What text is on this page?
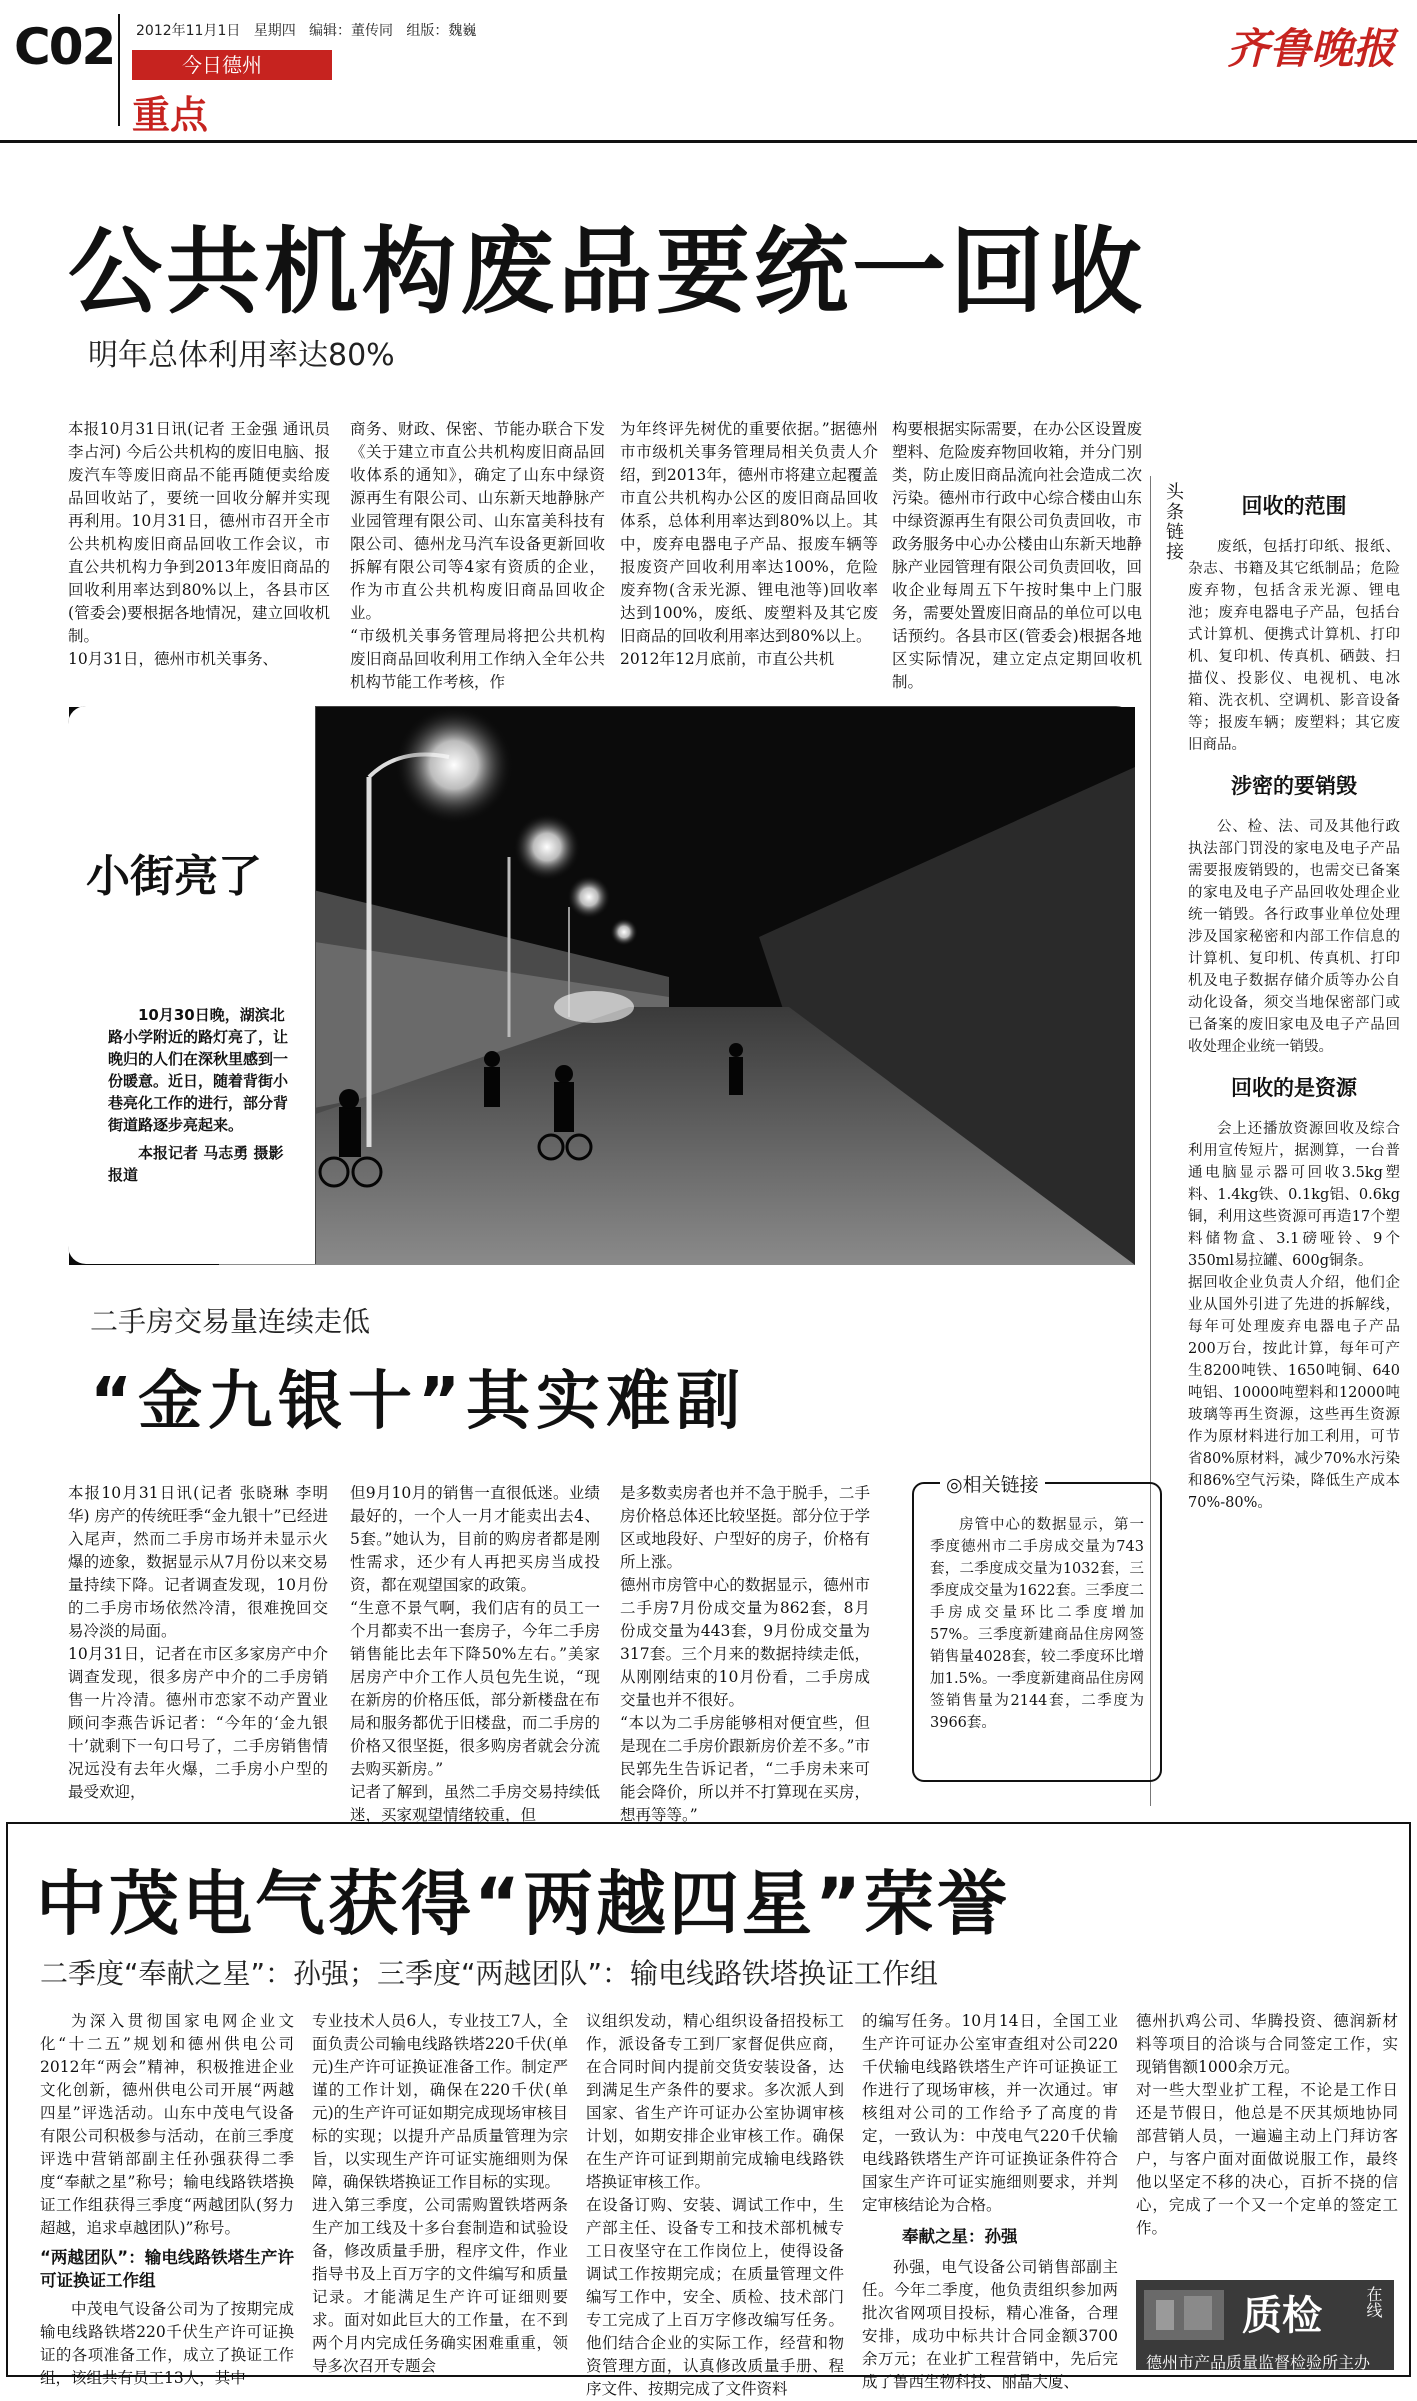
C02 2012年11月1日   星期四   编辑：董传同   组版：魏巍
今日德州
重点
齐鲁晚报
公共机构废品要统一回收
明年总体利用率达80%
本报10月31日讯(记者 王金强 通讯员 李占河) 今后公共机构的废旧电脑、报废汽车等废旧商品不能再随便卖给废品回收站了，要统一回收分解并实现再利用。10月31日，德州市召开全市公共机构废旧商品回收工作会议，市直公共机构力争到2013年废旧商品的回收利用率达到80%以上，各县市区(管委会)要根据各地情况，建立回收机制。
10月31日，德州市机关事务、
商务、财政、保密、节能办联合下发《关于建立市直公共机构废旧商品回收体系的通知》，确定了山东中绿资源再生有限公司、山东新天地静脉产业园管理有限公司、山东富美科技有限公司、德州龙马汽车设备更新回收拆解有限公司等4家有资质的企业，作为市直公共机构废旧商品回收企业。
“市级机关事务管理局将把公共机构废旧商品回收利用工作纳入全年公共机构节能工作考核，作
为年终评先树优的重要依据。”据德州市市级机关事务管理局相关负责人介绍，到2013年，德州市将建立起覆盖市直公共机构办公区的废旧商品回收体系，总体利用率达到80%以上。其中，废弃电器电子产品、报废车辆等报废资产回收利用率达100%，危险废弃物(含汞光源、锂电池等)回收率达到100%，废纸、废塑料及其它废旧商品的回收利用率达到80%以上。
2012年12月底前，市直公共机
构要根据实际需要，在办公区设置废塑料、危险废弃物回收箱，并分门别类，防止废旧商品流向社会造成二次污染。德州市行政中心综合楼由山东中绿资源再生有限公司负责回收，市政务服务中心办公楼由山东新天地静脉产业园管理有限公司负责回收，回收企业每周五下午按时集中上门服务，需要处置废旧商品的单位可以电话预约。各县市区(管委会)根据各地区实际情况，建立定点定期回收机制。
小街亮了
10月30日晚，湖滨北路小学附近的路灯亮了，让晚归的人们在深秋里感到一份暖意。近日，随着背街小巷亮化工作的进行，部分背街道路逐步亮起来。
本报记者 马志勇 摄影报道
头条链接	回收的范围
废纸，包括打印纸、报纸、杂志、书籍及其它纸制品；危险废弃物，包括含汞光源、锂电池；废弃电器电子产品，包括台式计算机、便携式计算机、打印机、复印机、传真机、硒鼓、扫描仪、投影仪、电视机、电冰箱、洗衣机、空调机、影音设备等；报废车辆；废塑料；其它废旧商品。
涉密的要销毁
公、检、法、司及其他行政执法部门罚没的家电及电子产品需要报废销毁的，也需交已备案的家电及电子产品回收处理企业统一销毁。各行政事业单位处理涉及国家秘密和内部工作信息的计算机、复印机、传真机、打印机及电子数据存储介质等办公自动化设备，须交当地保密部门或已备案的废旧家电及电子产品回收处理企业统一销毁。
回收的是资源
会上还播放资源回收及综合利用宣传短片，据测算，一台普通电脑显示器可回收3.5kg塑料、1.4kg铁、0.1kg铝、0.6kg铜，利用这些资源可再造17个塑料储物盒、3.1磅哑铃、9个350ml易拉罐、600g铜条。
据回收企业负责人介绍，他们企业从国外引进了先进的拆解线，每年可处理废弃电器电子产品200万台，按此计算，每年可产生8200吨铁、1650吨铜、640吨铝、10000吨塑料和12000吨玻璃等再生资源，这些再生资源作为原材料进行加工利用，可节省80%原材料，减少70%水污染和86%空气污染，降低生产成本70%-80%。
二手房交易量连续走低
“金九银十”其实难副
本报10月31日讯(记者 张晓琳 李明华) 房产的传统旺季“金九银十”已经进入尾声，然而二手房市场并未显示火爆的迹象，数据显示从7月份以来交易量持续下降。记者调查发现，10月份的二手房市场依然冷清，很难挽回交易冷淡的局面。
10月31日，记者在市区多家房产中介调查发现，很多房产中介的二手房销售一片冷清。德州市恋家不动产置业顾问李燕告诉记者：“今年的‘金九银十’就剩下一句口号了，二手房销售情况远没有去年火爆，二手房小户型的最受欢迎，
但9月10月的销售一直很低迷。业绩最好的，一个人一月才能卖出去4、5套。”她认为，目前的购房者都是刚性需求，还少有人再把买房当成投资，都在观望国家的政策。
“生意不景气啊，我们店有的员工一个月都卖不出一套房子，今年二手房销售能比去年下降50%左右。”美家居房产中介工作人员包先生说，“现在新房的价格压低，部分新楼盘在布局和服务都优于旧楼盘，而二手房的价格又很坚挺，很多购房者就会分流去购买新房。”
记者了解到，虽然二手房交易持续低迷，买家观望情绪较重，但
是多数卖房者也并不急于脱手，二手房价格总体还比较坚挺。部分位于学区或地段好、户型好的房子，价格有所上涨。
德州市房管中心的数据显示，德州市二手房7月份成交量为862套，8月份成交量为443套，9月份成交量为317套。三个月来的数据持续走低，从刚刚结束的10月份看，二手房成交量也并不很好。
“本以为二手房能够相对便宜些，但是现在二手房价跟新房价差不多。”市民郭先生告诉记者，“二手房未来可能会降价，所以并不打算现在买房，想再等等。”
房管中心的数据显示，第一季度德州市二手房成交量为743套，二季度成交量为1032套，三季度成交量为1622套。三季度二手房成交量环比二季度增加57%。三季度新建商品住房网签销售量4028套，较二季度环比增加1.5%。一季度新建商品住房网签销售量为2144套，二季度为3966套。
◎相关链接
中茂电气获得“两越四星”荣誉
二季度“奉献之星”：孙强；三季度“两越团队”：输电线路铁塔换证工作组
为深入贯彻国家电网企业文化“十二五”规划和德州供电公司2012年“两会”精神，积极推进企业文化创新，德州供电公司开展“两越四星”评选活动。山东中茂电气设备有限公司积极参与活动，在前三季度评选中营销部副主任孙强获得二季度“奉献之星”称号；输电线路铁塔换证工作组获得三季度“两越团队(努力超越，追求卓越团队)”称号。
“两越团队”：输电线路铁塔生产许可证换证工作组
中茂电气设备公司为了按期完成输电线路铁塔220千伏生产许可证换证的各项准备工作，成立了换证工作组，该组共有员工13人，其中
专业技术人员6人，专业技工7人，全面负责公司输电线路铁塔220千伏(单元)生产许可证换证准备工作。制定严谨的工作计划，确保在220千伏(单元)的生产许可证如期完成现场审核目标的实现；以提升产品质量管理为宗旨，以实现生产许可证实施细则为保障，确保铁塔换证工作目标的实现。
进入第三季度，公司需购置铁塔两条生产加工线及十多台套制造和试验设备，修改质量手册，程序文件，作业指导书及上百万字的文件编写和质量记录。才能满足生产许可证细则要求。面对如此巨大的工作量，在不到两个月内完成任务确实困难重重，领导多次召开专题会
议组织发动，精心组织设备招投标工作，派设备专工到厂家督促供应商，在合同时间内提前交货安装设备，达到满足生产条件的要求。多次派人到国家、省生产许可证办公室协调审核计划，如期安排企业审核工作。确保在生产许可证到期前完成输电线路铁塔换证审核工作。
在设备订购、安装、调试工作中，生产部主任、设备专工和技术部机械专工日夜坚守在工作岗位上，使得设备调试工作按期完成；在质量管理文件编写工作中，安全、质检、技术部门专工完成了上百万字修改编写任务。他们结合企业的实际工作，经营和物资管理方面，认真修改质量手册、程序文件、按期完成了文件资料
的编写任务。10月14日，全国工业生产许可证办公室审查组对公司220千伏输电线路铁塔生产许可证换证工作进行了现场审核，并一次通过。审核组对公司的工作给予了高度的肯定，一致认为：中茂电气220千伏输电线路铁塔生产许可证换证条件符合国家生产许可证实施细则要求，并判定审核结论为合格。
奉献之星：孙强
孙强，电气设备公司销售部副主任。今年二季度，他负责组织参加两批次省网项目投标，精心准备，合理安排，成功中标共计合同金额3700余万元；在业扩工程营销中，先后完成了鲁西生物科技、丽晶大厦、
德州扒鸡公司、华腾投资、德润新材料等项目的洽谈与合同签定工作，实现销售额1000余万元。
对一些大型业扩工程，不论是工作日还是节假日，他总是不厌其烦地协同部营销人员，一遍遍主动上门拜访客户，与客户面对面做说服工作，最终他以坚定不移的决心，百折不挠的信心，完成了一个又一个定单的签定工作。
质检	在线
德州市产品质量监督检验所主办
